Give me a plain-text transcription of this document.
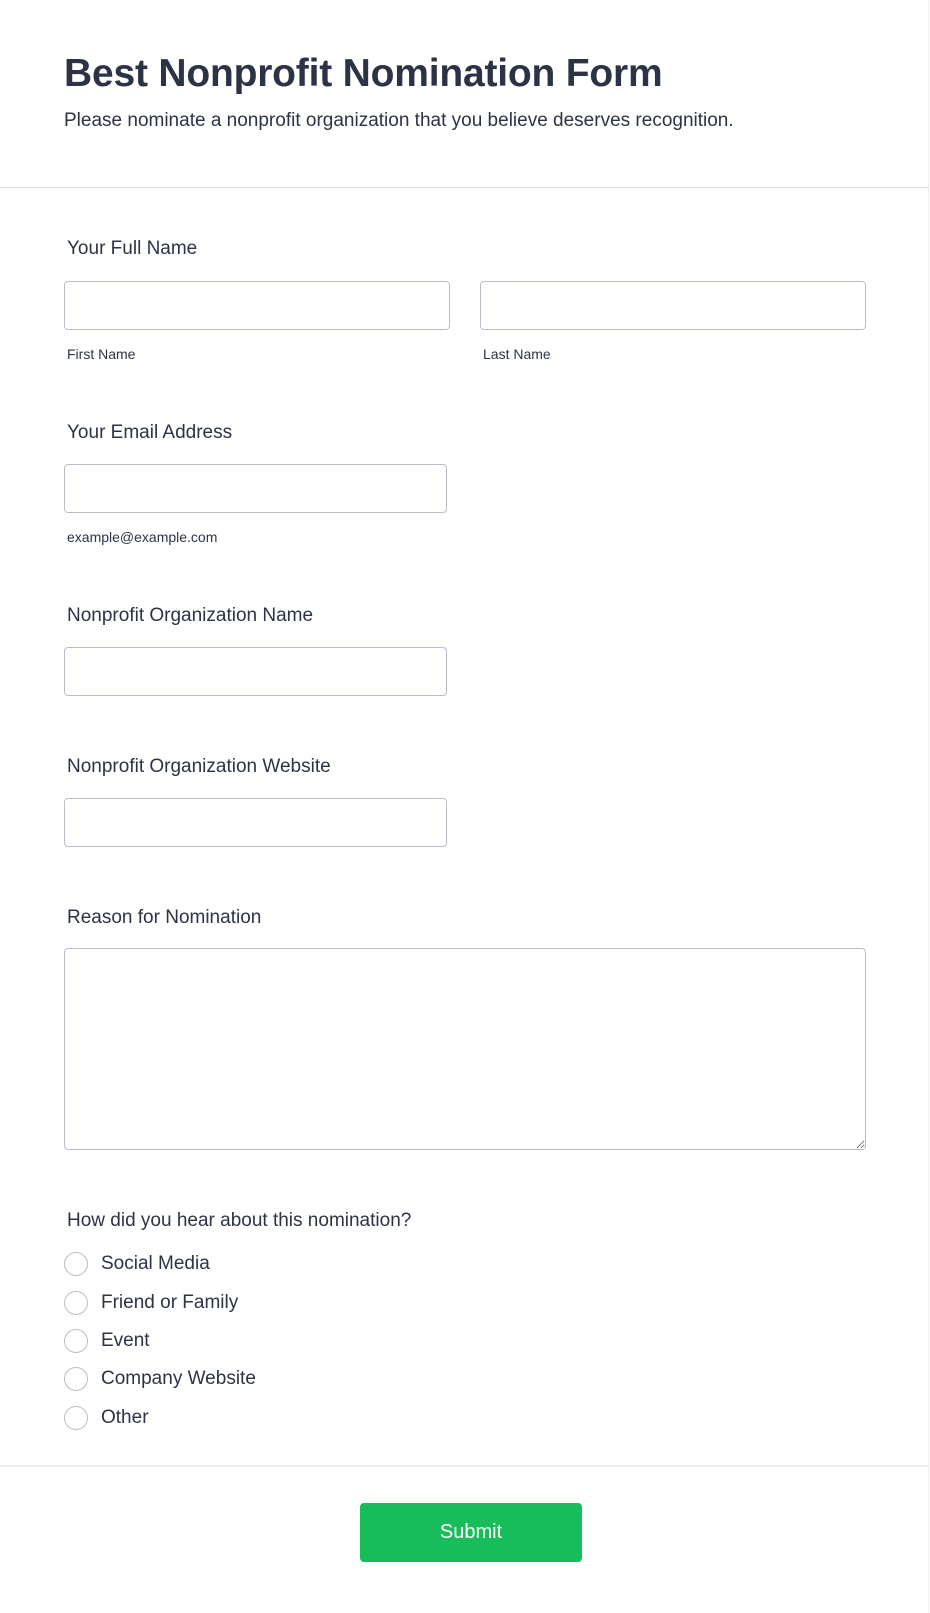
Best Nonprofit Nomination Form

Please nominate a nonprofit organization that you believe deserves recognition.

Your Full Name
First Name	Last Name
Your Email Address
example@example.com
Nonprofit Organization Name
Nonprofit Organization Website
Reason for Nomination
How did you hear about this nomination?
Social Media
Friend or Family
Event
Company Website
Other
Submit
